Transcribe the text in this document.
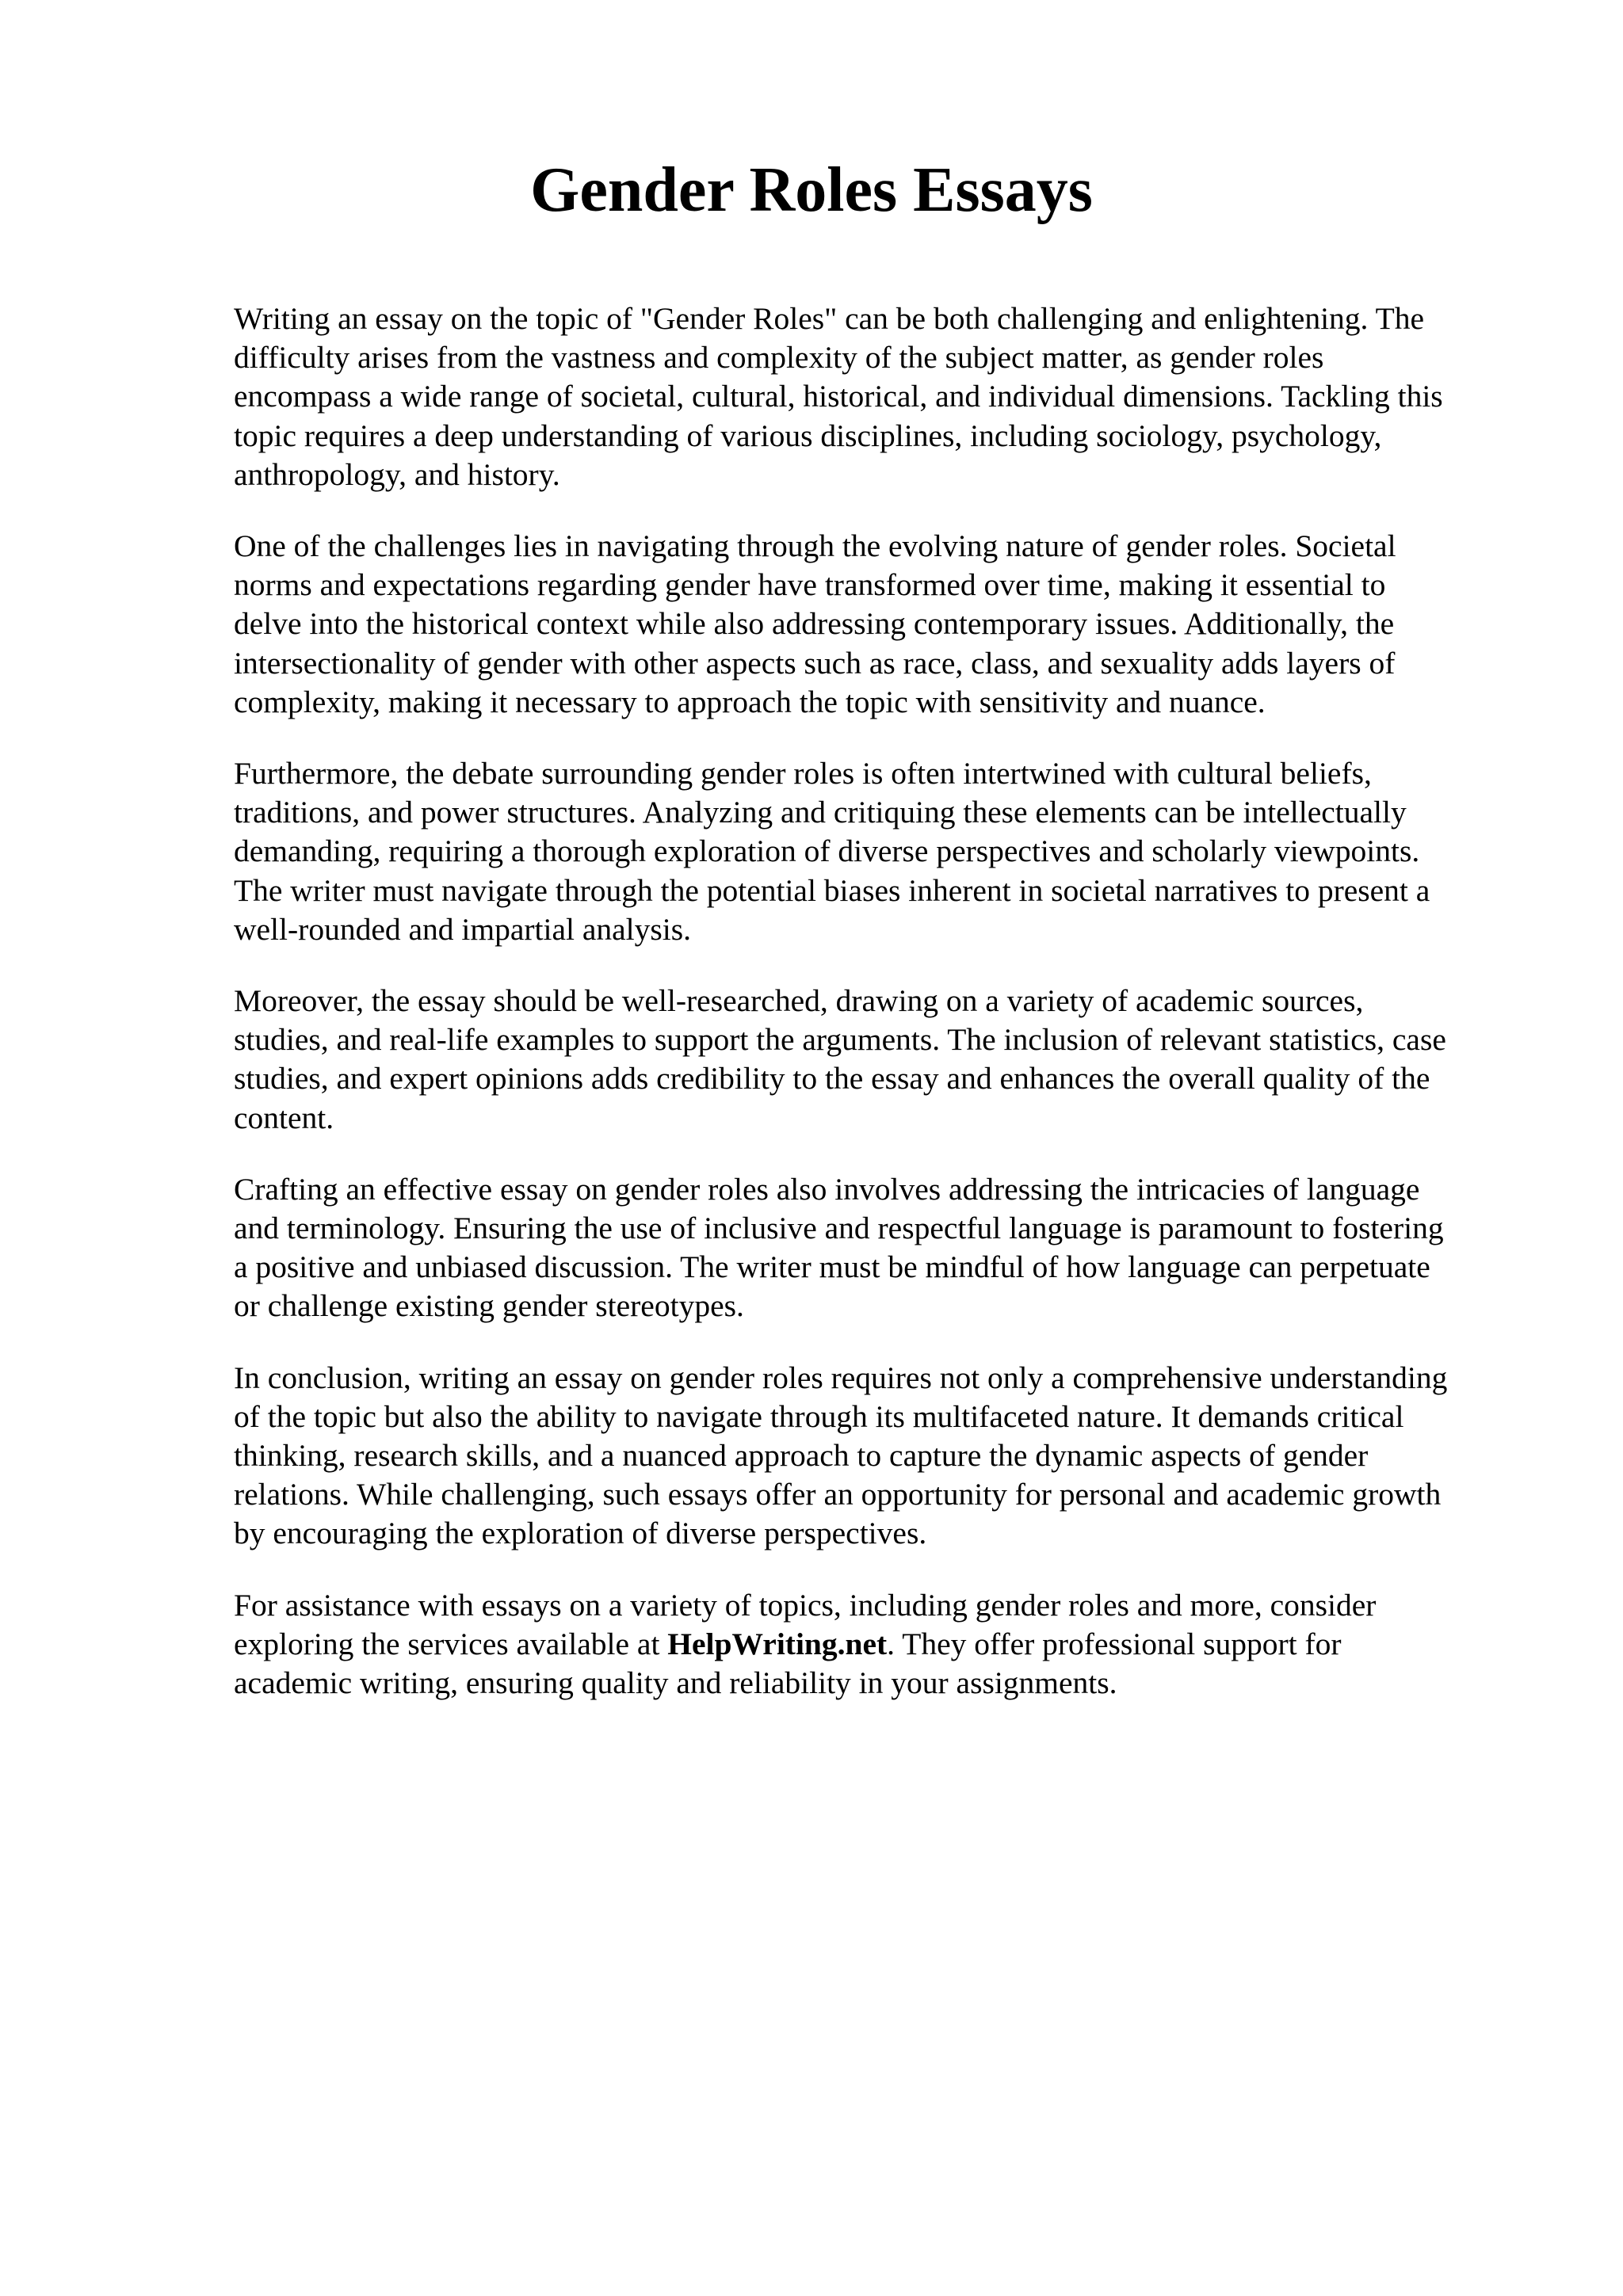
Gender Roles Essays

Writing an essay on the topic of "Gender Roles" can be both challenging and enlightening. The
difficulty arises from the vastness and complexity of the subject matter, as gender roles
encompass a wide range of societal, cultural, historical, and individual dimensions. Tackling this
topic requires a deep understanding of various disciplines, including sociology, psychology,
anthropology, and history.

One of the challenges lies in navigating through the evolving nature of gender roles. Societal
norms and expectations regarding gender have transformed over time, making it essential to
delve into the historical context while also addressing contemporary issues. Additionally, the
intersectionality of gender with other aspects such as race, class, and sexuality adds layers of
complexity, making it necessary to approach the topic with sensitivity and nuance.

Furthermore, the debate surrounding gender roles is often intertwined with cultural beliefs,
traditions, and power structures. Analyzing and critiquing these elements can be intellectually
demanding, requiring a thorough exploration of diverse perspectives and scholarly viewpoints.
The writer must navigate through the potential biases inherent in societal narratives to present a
well-rounded and impartial analysis.

Moreover, the essay should be well-researched, drawing on a variety of academic sources,
studies, and real-life examples to support the arguments. The inclusion of relevant statistics, case
studies, and expert opinions adds credibility to the essay and enhances the overall quality of the
content.

Crafting an effective essay on gender roles also involves addressing the intricacies of language
and terminology. Ensuring the use of inclusive and respectful language is paramount to fostering
a positive and unbiased discussion. The writer must be mindful of how language can perpetuate
or challenge existing gender stereotypes.

In conclusion, writing an essay on gender roles requires not only a comprehensive understanding
of the topic but also the ability to navigate through its multifaceted nature. It demands critical
thinking, research skills, and a nuanced approach to capture the dynamic aspects of gender
relations. While challenging, such essays offer an opportunity for personal and academic growth
by encouraging the exploration of diverse perspectives.

For assistance with essays on a variety of topics, including gender roles and more, consider
exploring the services available at HelpWriting.net. They offer professional support for
academic writing, ensuring quality and reliability in your assignments.
